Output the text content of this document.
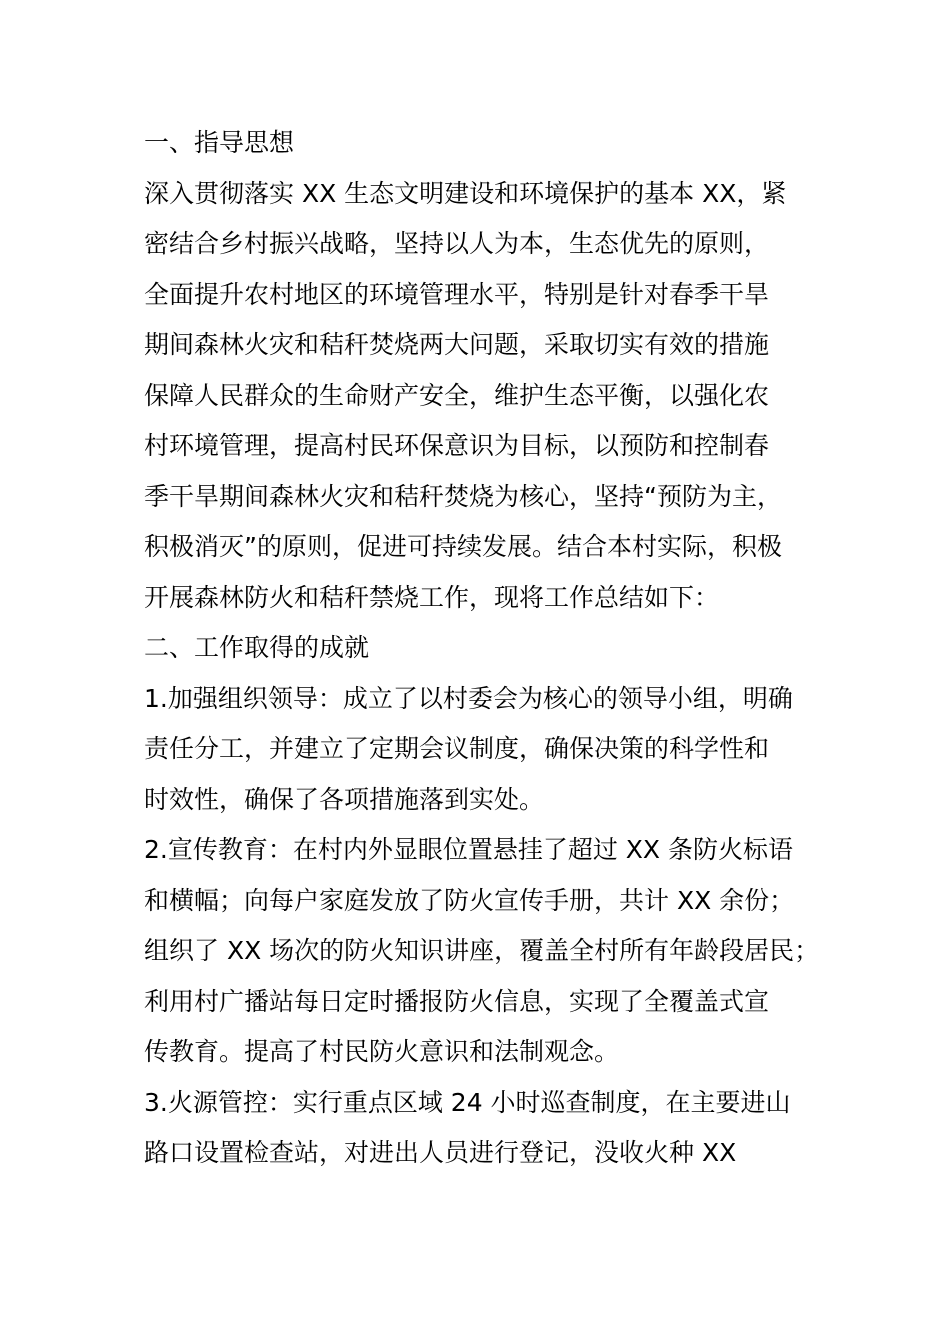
一、指导思想
深入贯彻落实 XX 生态文明建设和环境保护的基本 XX，紧
密结合乡村振兴战略，坚持以人为本，生态优先的原则，
全面提升农村地区的环境管理水平，特别是针对春季干旱
期间森林火灾和秸秆焚烧两大问题，采取切实有效的措施
保障人民群众的生命财产安全，维护生态平衡，以强化农
村环境管理，提高村民环保意识为目标，以预防和控制春
季干旱期间森林火灾和秸秆焚烧为核心，坚持“预防为主，
积极消灭”的原则，促进可持续发展。结合本村实际，积极
开展森林防火和秸秆禁烧工作，现将工作总结如下：
二、工作取得的成就
1.加强组织领导：成立了以村委会为核心的领导小组，明确
责任分工，并建立了定期会议制度，确保决策的科学性和
时效性，确保了各项措施落到实处。
2.宣传教育：在村内外显眼位置悬挂了超过 XX 条防火标语
和横幅；向每户家庭发放了防火宣传手册，共计 XX 余份；
组织了 XX 场次的防火知识讲座，覆盖全村所有年龄段居民；
利用村广播站每日定时播报防火信息，实现了全覆盖式宣
传教育。提高了村民防火意识和法制观念。
3.火源管控：实行重点区域 24 小时巡查制度，在主要进山
路口设置检查站，对进出人员进行登记，没收火种 XX
